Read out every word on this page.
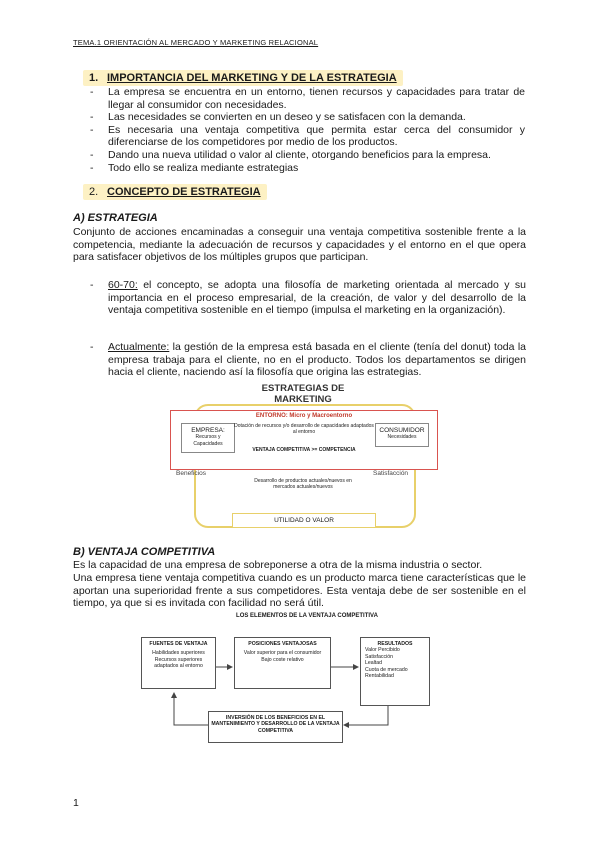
TEMA.1 ORIENTACIÓN AL MERCADO Y MARKETING RELACIONAL
1. IMPORTANCIA DEL MARKETING Y DE LA ESTRATEGIA
- La empresa se encuentra en un entorno, tienen recursos y capacidades para tratar de llegar al consumidor con necesidades.
- Las necesidades se convierten en un deseo y se satisfacen con la demanda.
- Es necesaria una ventaja competitiva que permita estar cerca del consumidor y diferenciarse de los competidores por medio de los productos.
- Dando una nueva utilidad o valor al cliente, otorgando beneficios para la empresa.
- Todo ello se realiza mediante estrategias
2. CONCEPTO DE ESTRATEGIA
A) ESTRATEGIA

Conjunto de acciones encaminadas a conseguir una ventaja competitiva sostenible frente a la competencia, mediante la adecuación de recursos y capacidades y el entorno en el que opera para satisfacer objetivos de los múltiples grupos que participan.

- 60-70: el concepto, se adopta una filosofía de marketing orientada al mercado y su importancia en el proceso empresarial, de la creación, de valor y del desarrollo de la ventaja competitiva sostenible en el tiempo (impulsa el marketing en la organización).
- Actualmente: la gestión de la empresa está basada en el cliente (tenía del donut) toda la empresa trabaja para el cliente, no en el producto. Todos los departamentos se dirigen hacia el cliente, naciendo así la filosofía que origina las estrategias.
ESTRATEGIAS DE
MARKETING
ENTORNO: Micro y Macroentorno
EMPRESA:
Recursos y Capacidades
CONSUMIDOR
Necesidades
Dotación de recursos y/o desarrollo de capacidades adaptados al entorno
VENTAJA COMPETITIVA >= COMPETENCIA
Beneficios	Satisfacción
Desarrollo de productos actuales/nuevos en mercados actuales/nuevos
UTILIDAD O VALOR
B) VENTAJA COMPETITIVA

Es la capacidad de una empresa de sobreponerse a otra de la misma industria o sector.

Una empresa tiene ventaja competitiva cuando es un producto marca tiene características que le aportan una superioridad frente a sus competidores. Esta ventaja debe de ser sostenible en el tiempo, ya que si es invitada con facilidad no será útil.

LOS ELEMENTOS DE LA VENTAJA COMPETITIVA
FUENTES DE VENTAJA
Habilidades superiores
Recursos superiores adaptados al entorno
POSICIONES VENTAJOSAS
Valor superior para el consumidor
Bajo coste relativo
RESULTADOS
Valor Percibido
Satisfacción
Lealtad
Cuota de mercado
Rentabilidad
INVERSIÓN DE LOS BENEFICIOS EN EL MANTENIMIENTO Y DESARROLLO DE LA VENTAJA COMPETITIVA
1
